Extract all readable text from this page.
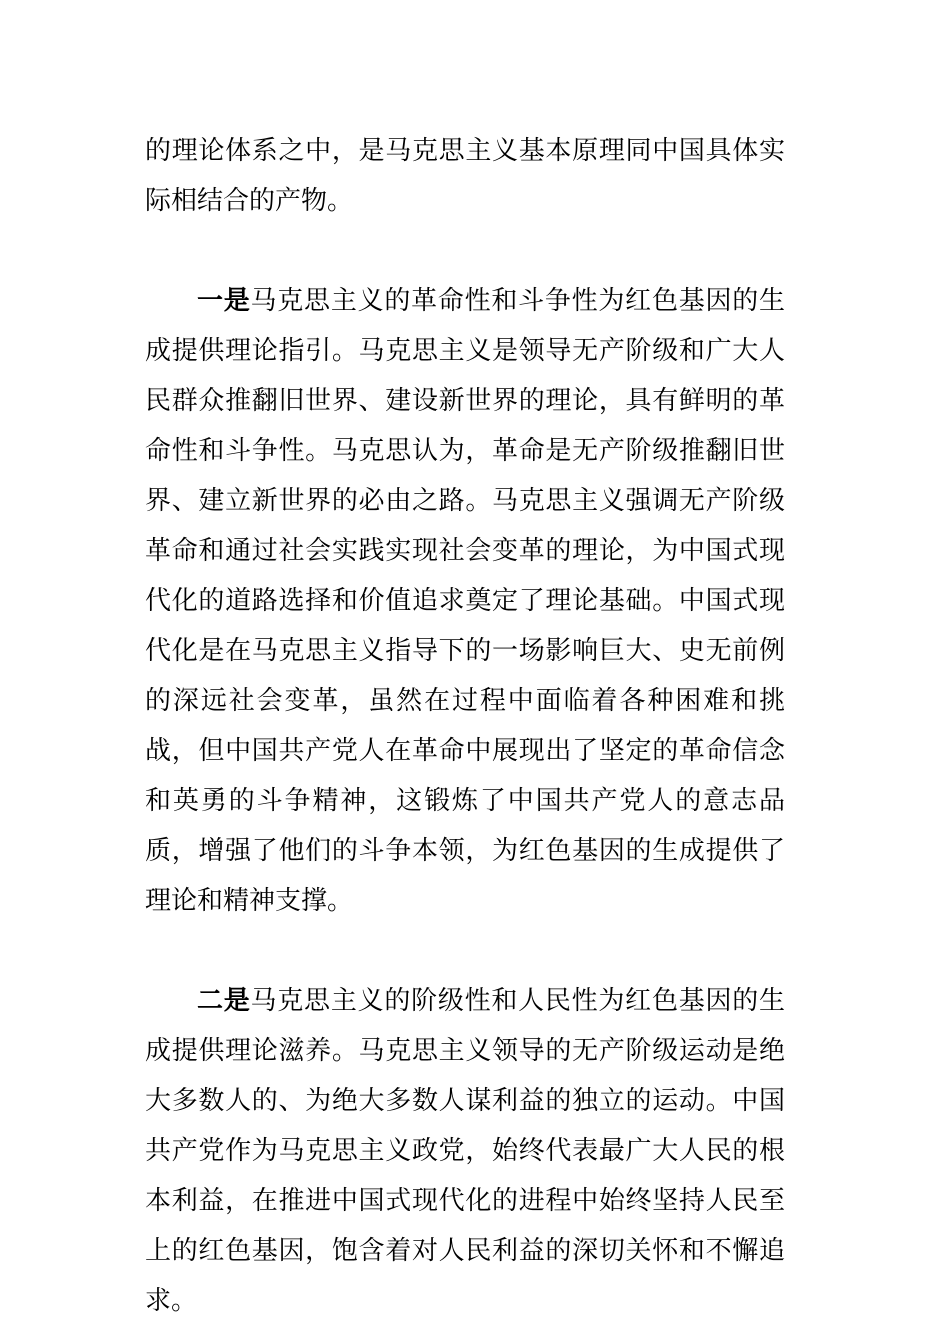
的理论体系之中，是马克思主义基本原理同中国具体实际相结合的产物。

一是马克思主义的革命性和斗争性为红色基因的生成提供理论指引。马克思主义是领导无产阶级和广大人民群众推翻旧世界、建设新世界的理论，具有鲜明的革命性和斗争性。马克思认为，革命是无产阶级推翻旧世界、建立新世界的必由之路。马克思主义强调无产阶级革命和通过社会实践实现社会变革的理论，为中国式现代化的道路选择和价值追求奠定了理论基础。中国式现代化是在马克思主义指导下的一场影响巨大、史无前例的深远社会变革，虽然在过程中面临着各种困难和挑战，但中国共产党人在革命中展现出了坚定的革命信念和英勇的斗争精神，这锻炼了中国共产党人的意志品质，增强了他们的斗争本领，为红色基因的生成提供了理论和精神支撑。

二是马克思主义的阶级性和人民性为红色基因的生成提供理论滋养。马克思主义领导的无产阶级运动是绝大多数人的、为绝大多数人谋利益的独立的运动。中国共产党作为马克思主义政党，始终代表最广大人民的根本利益，在推进中国式现代化的进程中始终坚持人民至上的红色基因，饱含着对人民利益的深切关怀和不懈追求。
